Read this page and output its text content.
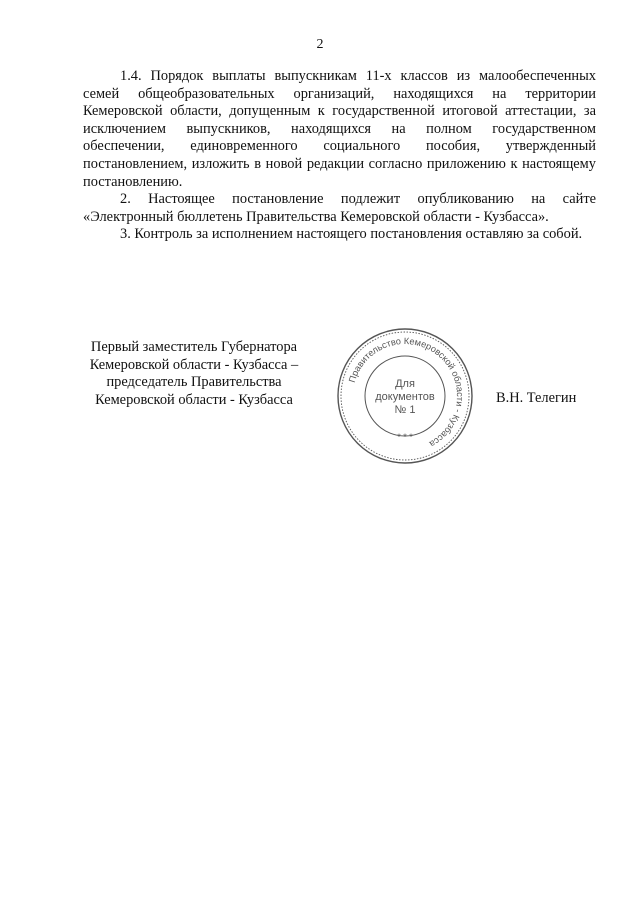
2

1.4. Порядок выплаты выпускникам 11-х классов из малообеспеченных семей общеобразовательных организаций, находящихся на территории Кемеровской области, допущенным к государственной итоговой аттестации, за исключением выпускников, находящихся на полном государственном обеспечении, единовременного социального пособия, утвержденный постановлением, изложить в новой редакции согласно приложению к настоящему постановлению.

2. Настоящее постановление подлежит опубликованию на сайте «Электронный бюллетень Правительства Кемеровской области - Кузбасса».

3. Контроль за исполнением настоящего постановления оставляю за собой.

Первый заместитель Губернатора
Кемеровской области - Кузбасса –
председатель Правительства
Кемеровской области - Кузбасса
Правительство Кемеровской области - Кузбасса
* * *
Для
документов
№ 1
В.Н. Телегин
